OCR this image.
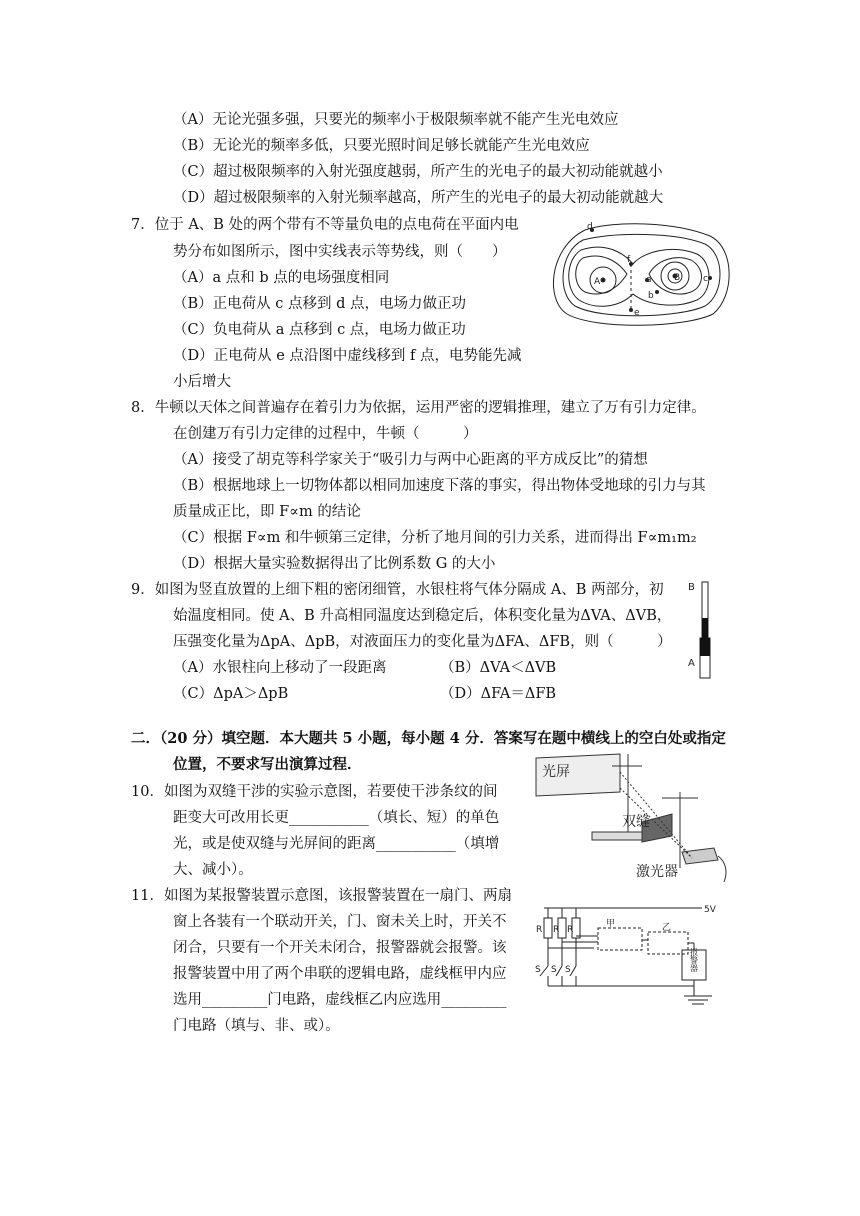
（A）无论光强多强，只要光的频率小于极限频率就不能产生光电效应
（B）无论光的频率多低，只要光照时间足够长就能产生光电效应
（C）超过极限频率的入射光强度越弱，所产生的光电子的最大初动能就越小
（D）超过极限频率的入射光频率越高，所产生的光电子的最大初动能就越大
7．位于 A、B 处的两个带有不等量负电的点电荷在平面内电
势分布如图所示，图中实线表示等势线，则（　　）
（A）a 点和 b 点的电场强度相同
（B）正电荷从 c 点移到 d 点，电场力做正功
（C）负电荷从 a 点移到 c 点，电场力做正功
（D）正电荷从 e 点沿图中虚线移到 f 点，电势能先减
小后增大
A	B
d
f
a
b
c
e
8．牛顿以天体之间普遍存在着引力为依据，运用严密的逻辑推理，建立了万有引力定律。
在创建万有引力定律的过程中，牛顿（　　　）
（A）接受了胡克等科学家关于“吸引力与两中心距离的平方成反比”的猜想
（B）根据地球上一切物体都以相同加速度下落的事实，得出物体受地球的引力与其
质量成正比，即 F∝m 的结论
（C）根据 F∝m 和牛顿第三定律，分析了地月间的引力关系，进而得出 F∝m₁m₂
（D）根据大量实验数据得出了比例系数 G 的大小
9．如图为竖直放置的上细下粗的密闭细管，水银柱将气体分隔成 A、B 两部分，初
始温度相同。使 A、B 升高相同温度达到稳定后，体积变化量为ΔVA、ΔVB，
压强变化量为ΔpA、ΔpB，对液面压力的变化量为ΔFA、ΔFB，则（　　　）
（A）水银柱向上移动了一段距离	（B）ΔVA＜ΔVB
（C）ΔpA＞ΔpB	（D）ΔFA＝ΔFB
B
A
二．（20 分）填空题．本大题共 5 小题，每小题 4 分．答案写在题中横线上的空白处或指定
位置，不要求写出演算过程．
10．如图为双缝干涉的实验示意图，若要使干涉条纹的间
距变大可改用长更___________（填长、短）的单色
光，或是使双缝与光屏间的距离___________（填增
大、减小）。
光屏
双缝
激光器
11．如图为某报警装置示意图，该报警装置在一扇门、两扇
窗上各装有一个联动开关，门、窗未关上时，开关不
闭合，只要有一个开关未闭合，报警器就会报警。该
报警装置中用了两个串联的逻辑电路，虚线框甲内应
选用_________门电路，虚线框乙内应选用_________
门电路（填与、非、或）。
5V
R R R
甲	乙
S S S	报警器
